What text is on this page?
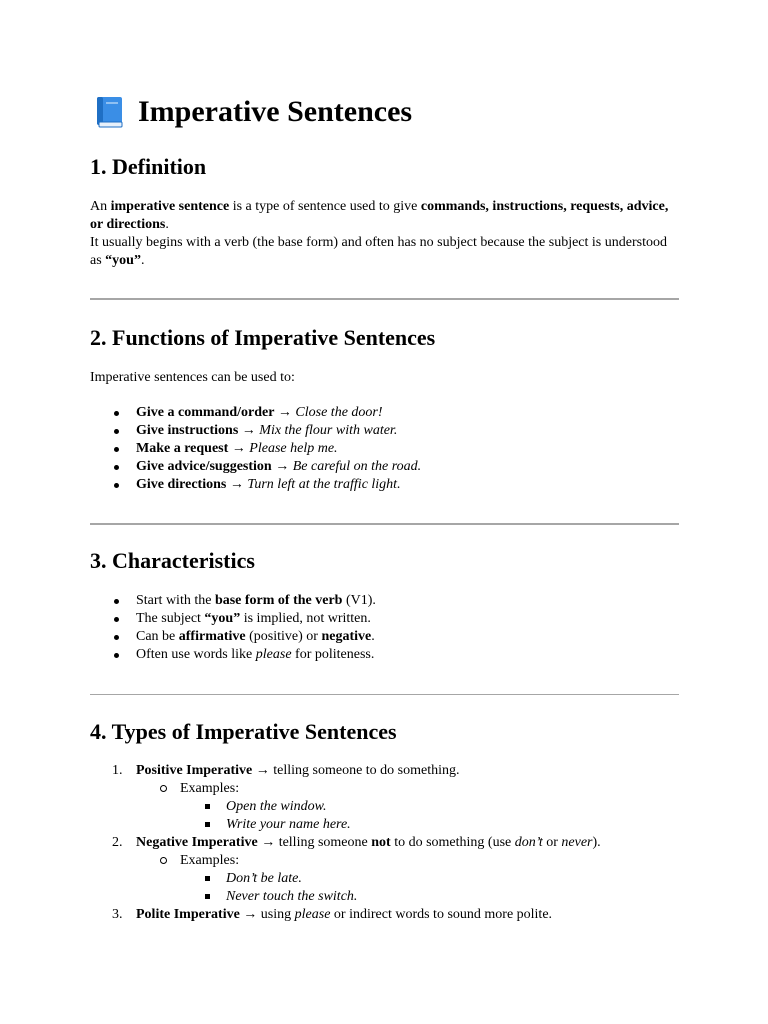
Imperative Sentences
1. Definition

An imperative sentence is a type of sentence used to give commands, instructions, requests, advice, or directions.

It usually begins with a verb (the base form) and often has no subject because the subject is understood as “you”.

2. Functions of Imperative Sentences

Imperative sentences can be used to:

Give a command/order → Close the door!
Give instructions → Mix the flour with water.
Make a request → Please help me.
Give advice/suggestion → Be careful on the road.
Give directions → Turn left at the traffic light.
3. Characteristics
Start with the base form of the verb (V1).
The subject “you” is implied, not written.
Can be affirmative (positive) or negative.
Often use words like please for politeness.
4. Types of Imperative Sentences
1. Positive Imperative → telling someone to do something.
Examples:
Open the window.
Write your name here.
2. Negative Imperative → telling someone not to do something (use don’t or never).
Examples:
Don’t be late.
Never touch the switch.
3. Polite Imperative → using please or indirect words to sound more polite.
